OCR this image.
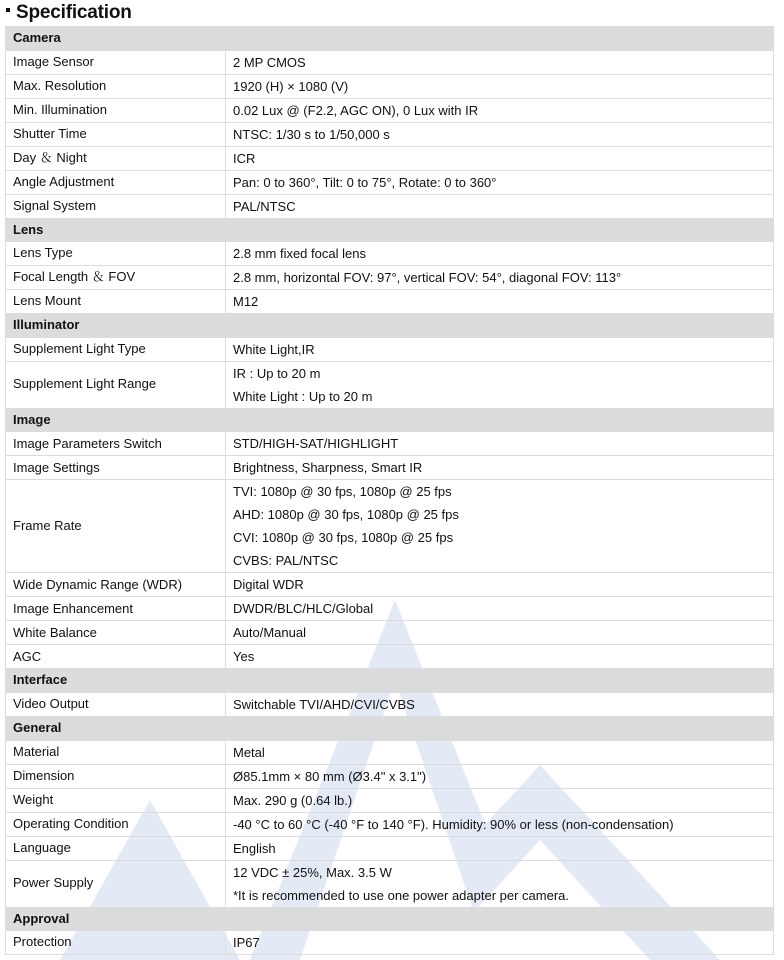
Specification
Camera	
Image Sensor	2 MP CMOS

Max. Resolution	1920 (H) × 1080 (V)

Min. Illumination	0.02 Lux @ (F2.2, AGC ON), 0 Lux with IR

Shutter Time	NTSC: 1/30 s to 1/50,000 s

Day ＆ Night	ICR

Angle Adjustment	Pan: 0 to 360°, Tilt: 0 to 75°, Rotate: 0 to 360°

Signal System	PAL/NTSC

Lens	
Lens Type	2.8 mm fixed focal lens

Focal Length ＆ FOV	2.8 mm, horizontal FOV: 97°, vertical FOV: 54°, diagonal FOV: 113°

Lens Mount	M12

Illuminator	
Supplement Light Type	White Light,IR

Supplement Light Range	IR : Up to 20 m
White Light : Up to 20 m

Image	
Image Parameters Switch	STD/HIGH-SAT/HIGHLIGHT

Image Settings	Brightness, Sharpness, Smart IR

Frame Rate	TVI: 1080p @ 30 fps, 1080p @ 25 fps
AHD: 1080p @ 30 fps, 1080p @ 25 fps
CVI: 1080p @ 30 fps, 1080p @ 25 fps
CVBS: PAL/NTSC

Wide Dynamic Range (WDR)	Digital WDR

Image Enhancement	DWDR/BLC/HLC/Global

White Balance	Auto/Manual

AGC	Yes

Interface	
Video Output	Switchable TVI/AHD/CVI/CVBS

General	
Material	Metal

Dimension	Ø85.1mm × 80 mm (Ø3.4" x 3.1")

Weight	Max. 290 g (0.64 lb.)

Operating Condition	-40 °C to 60 °C (-40 °F to 140 °F). Humidity: 90% or less (non-condensation)

Language	English

Power Supply	12 VDC ± 25%, Max. 3.5 W
*It is recommended to use one power adapter per camera.

Approval	
Protection	IP67
